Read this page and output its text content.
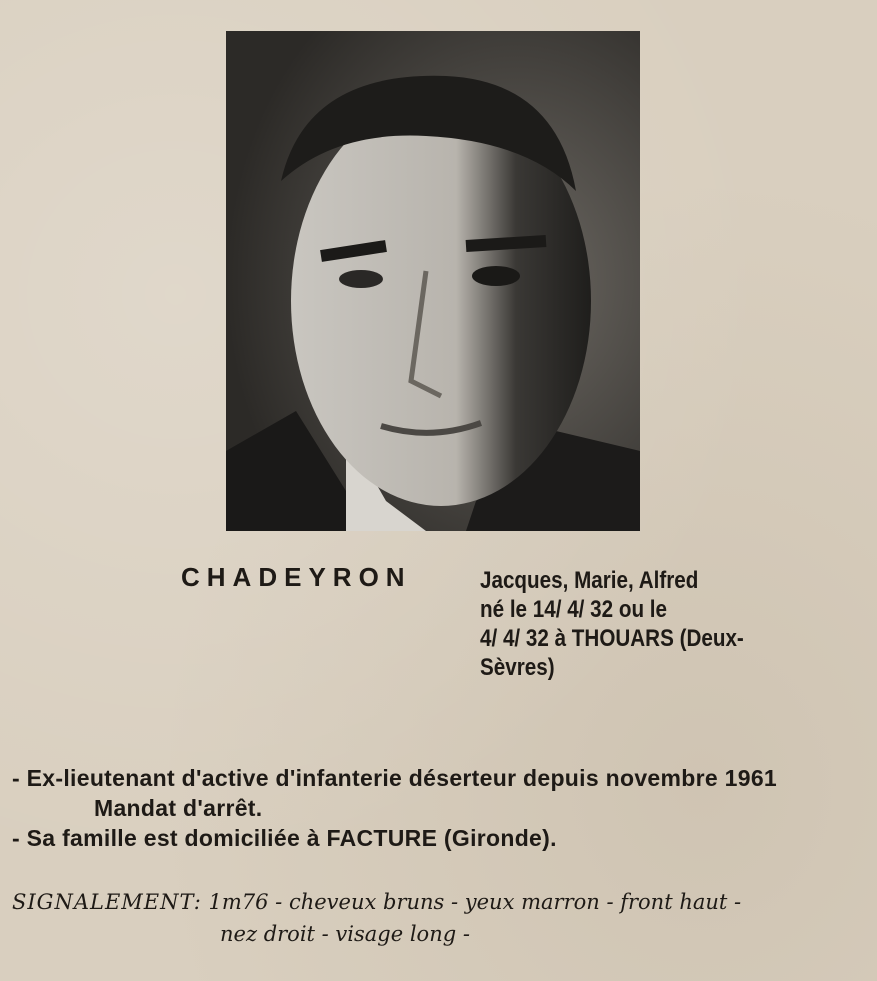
CHADEYRON	Jacques, Marie, Alfred
né le 14/ 4/ 32 ou le
4/ 4/ 32 à THOUARS (Deux-
Sèvres)
- Ex-lieutenant d'active d'infanterie déserteur depuis novembre 1961
Mandat d'arrêt.
- Sa famille est domiciliée à FACTURE (Gironde).
SIGNALEMENT: 1m76 - cheveux bruns - yeux marron - front haut -
nez droit - visage long -
